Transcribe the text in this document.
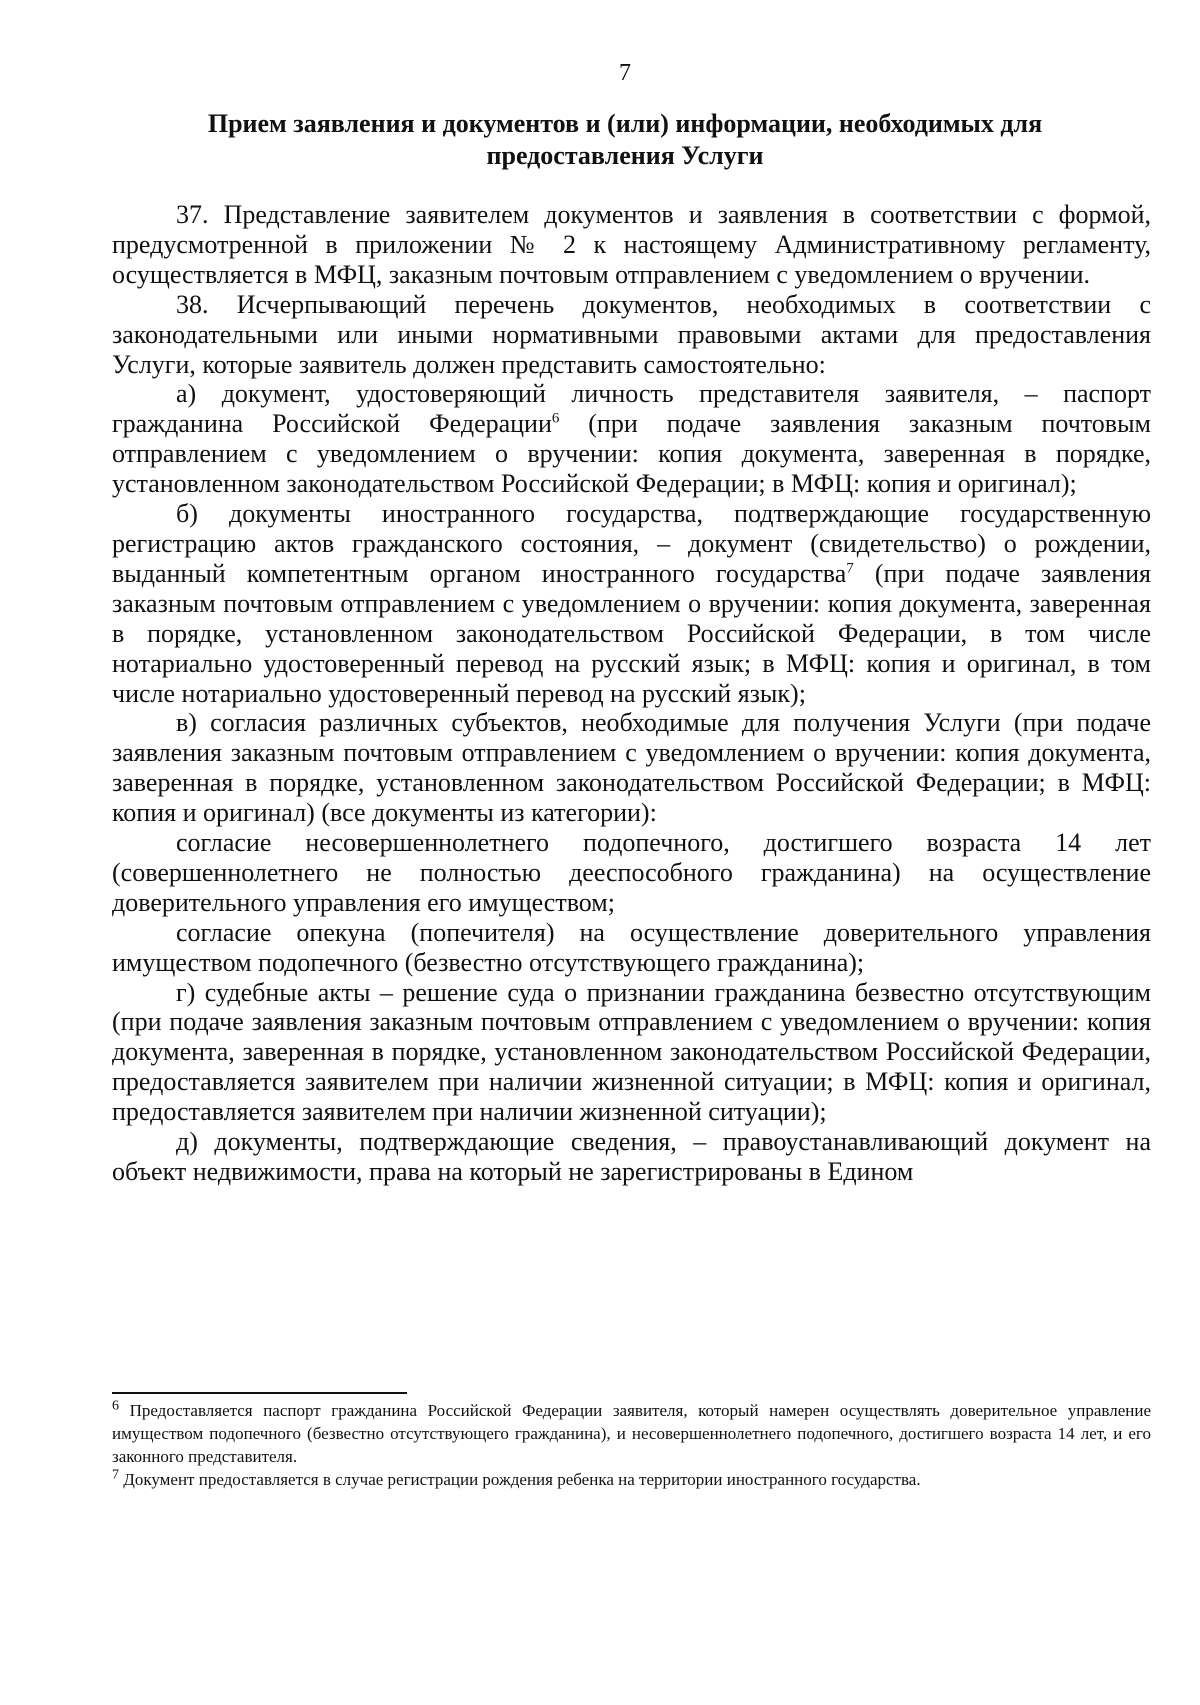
7
Прием заявления и документов и (или) информации, необходимых для предоставления Услуги

37. Представление заявителем документов и заявления в соответствии с формой, предусмотренной в приложении № 2 к настоящему Административному регламенту, осуществляется в МФЦ, заказным почтовым отправлением с уведомлением о вручении.

38. Исчерпывающий перечень документов, необходимых в соответствии с законодательными или иными нормативными правовыми актами для предоставления Услуги, которые заявитель должен представить самостоятельно:

а) документ, удостоверяющий личность представителя заявителя, – паспорт гражданина Российской Федерации$^6$ (при подаче заявления заказным почтовым отправлением с уведомлением о вручении: копия документа, заверенная в порядке, установленном законодательством Российской Федерации; в МФЦ: копия и оригинал);

б) документы иностранного государства, подтверждающие государственную регистрацию актов гражданского состояния, – документ (свидетельство) о рождении, выданный компетентным органом иностранного государства$^7$ (при подаче заявления заказным почтовым отправлением с уведомлением о вручении: копия документа, заверенная в порядке, установленном законодательством Российской Федерации, в том числе нотариально удостоверенный перевод на русский язык; в МФЦ: копия и оригинал, в том числе нотариально удостоверенный перевод на русский язык);

в) согласия различных субъектов, необходимые для получения Услуги (при подаче заявления заказным почтовым отправлением с уведомлением о вручении: копия документа, заверенная в порядке, установленном законодательством Российской Федерации; в МФЦ: копия и оригинал) (все документы из категории):

согласие несовершеннолетнего подопечного, достигшего возраста 14 лет (совершеннолетнего не полностью дееспособного гражданина) на осуществление доверительного управления его имуществом;

согласие опекуна (попечителя) на осуществление доверительного управления имуществом подопечного (безвестно отсутствующего гражданина);

г) судебные акты – решение суда о признании гражданина безвестно отсутствующим (при подаче заявления заказным почтовым отправлением с уведомлением о вручении: копия документа, заверенная в порядке, установленном законодательством Российской Федерации, предоставляется заявителем при наличии жизненной ситуации; в МФЦ: копия и оригинал, предоставляется заявителем при наличии жизненной ситуации);

д) документы, подтверждающие сведения, – правоустанавливающий документ на объект недвижимости, права на который не зарегистрированы в Едином

$^6$ Предоставляется паспорт гражданина Российской Федерации заявителя, который намерен осуществлять доверительное управление имуществом подопечного (безвестно отсутствующего гражданина), и несовершеннолетнего подопечного, достигшего возраста 14 лет, и его законного представителя.

$^7$ Документ предоставляется в случае регистрации рождения ребенка на территории иностранного государства.
